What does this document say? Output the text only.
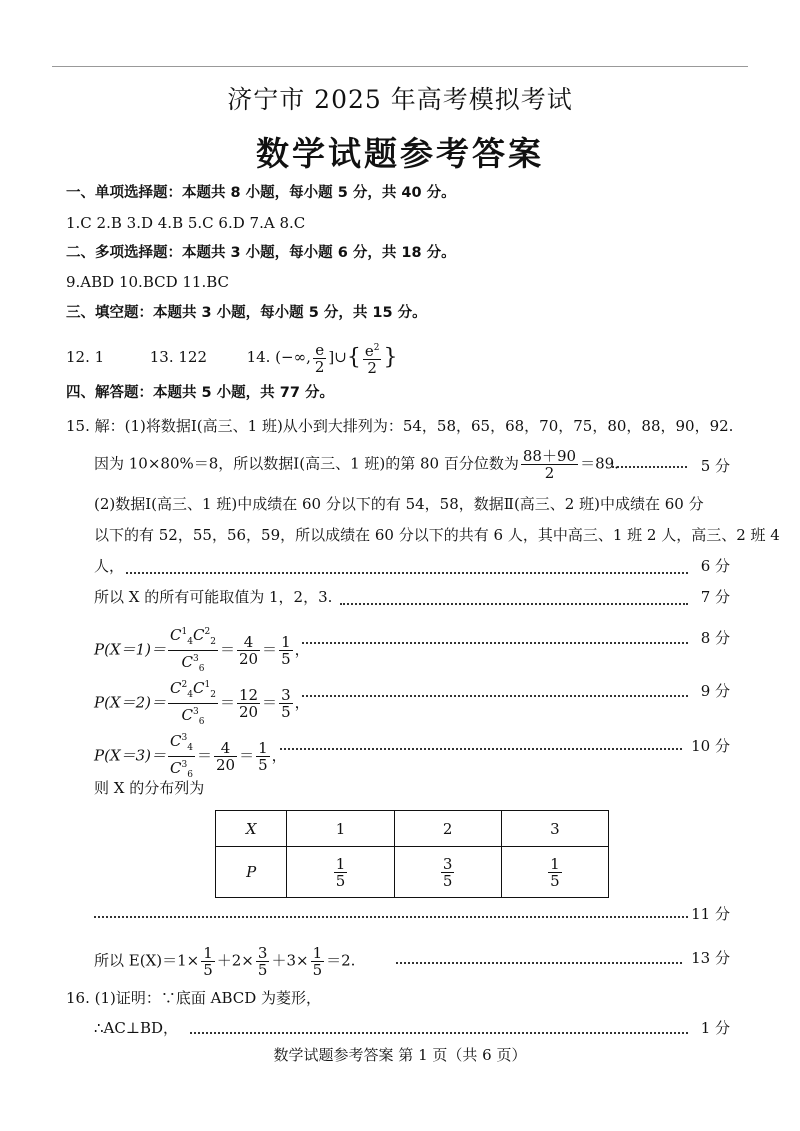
济宁市 2025 年高考模拟考试
数学试题参考答案
一、单项选择题：本题共 8 小题，每小题 5 分，共 40 分。
1.C 2.B 3.D 4.B 5.C 6.D 7.A 8.C
二、多项选择题：本题共 3 小题，每小题 6 分，共 18 分。
9.ABD 10.BCD 11.BC
三、填空题：本题共 3 小题，每小题 5 分，共 15 分。
12. 1	13. 122	14. (−∞, $\frac{e}{2}$ ]∪{ $\frac{e^2}{2}$ }
四、解答题：本题共 5 小题，共 77 分。
15. 解：(1)将数据Ⅰ(高三、1 班)从小到大排列为：54，58，65，68，70，75，80，88，90，92.
因为 10×80%＝8，所以数据Ⅰ(高三、1 班)的第 80 百分位数为 $\frac{88+90}{2} =89$.	5 分
(2)数据Ⅰ(高三、1 班)中成绩在 60 分以下的有 54，58，数据Ⅱ(高三、2 班)中成绩在 60 分
以下的有 52，55，56，59，所以成绩在 60 分以下的共有 6 人，其中高三、1 班 2 人，高三、2 班 4
人，	6 分
所以 X 的所有可能取值为 1，2，3.	7 分
$P(X=1)= \frac{C^1_4C^2_2}{C^3_6} = \frac{4}{20} = \frac{1}{5}$ ，
8 分
$P(X=2)= \frac{C^2_4C^1_2}{C^3_6} = \frac{12}{20} = \frac{3}{5}$ ，
9 分
$P(X=3)= \frac{C^3_4}{C^3_6} = \frac{4}{20} = \frac{1}{5}$ ，
10 分
则 X 的分布列为
X	1	2	3
P	$\frac{1}{5}$	$\frac{3}{5}$	$\frac{1}{5}$
11 分
所以 $E(X)=1\times \frac{1}{5} +2\times \frac{3}{5} +3\times \frac{1}{5} =2$.	13 分
16. (1)证明：∵底面 ABCD 为菱形，
∴AC⊥BD，	1 分
数学试题参考答案 第 1 页（共 6 页）
